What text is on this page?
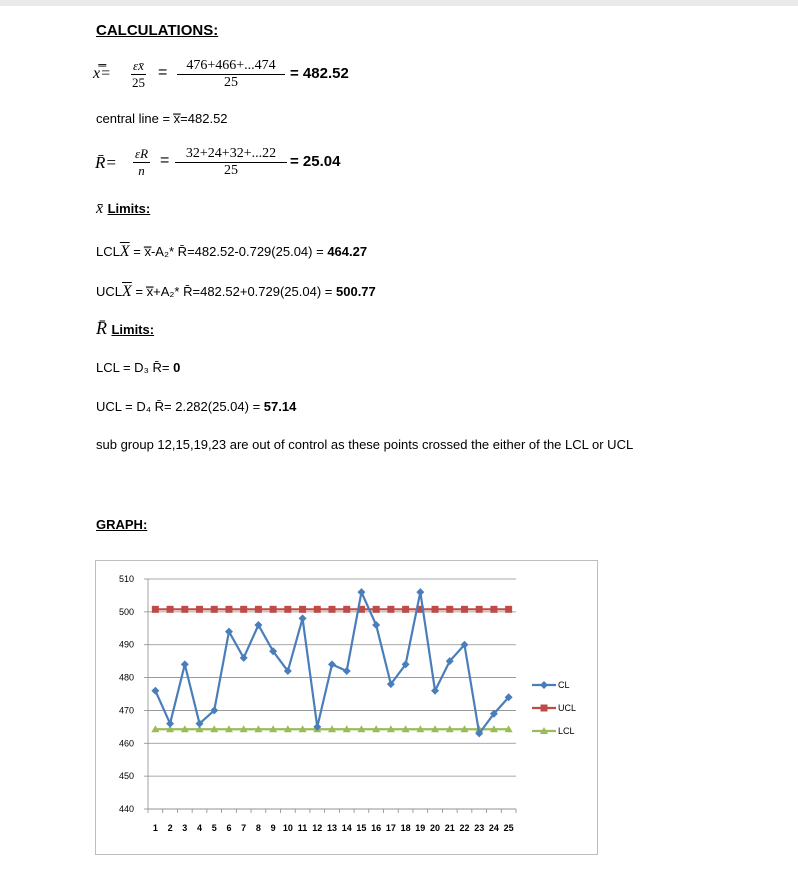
CALCULATIONS:
x̿= $\frac{\text{ɛx̄}}{25} = \frac{476+466+...474}{25} = 482.52$
central line = x̿=482.52
R̄= $\frac{\text{ɛR}}{n} = \frac{32+24+32+...22}{25} = 25.04$
x̄ Limits:
$LCL\overline{X}$ = x̿-A₂* R̄=482.52-0.729(25.04) = 464.27
$UCL\overline{X}$ = x̿+A₂* R̄=482.52+0.729(25.04) = 500.77
R̄ Limits:
LCL = D₃ R̄= 0
UCL = D₄ R̄= 2.282(25.04) = 57.14
sub group 12,15,19,23 are out of control as these points crossed the either of the LCL or UCL
GRAPH:
440
450
460
470
480
490
500
510
1 2 3 4 5 6 7 8 9 10 11 12 13 14 15 16 17 18 19 20 21 22 23 24 25
CL
UCL
LCL
